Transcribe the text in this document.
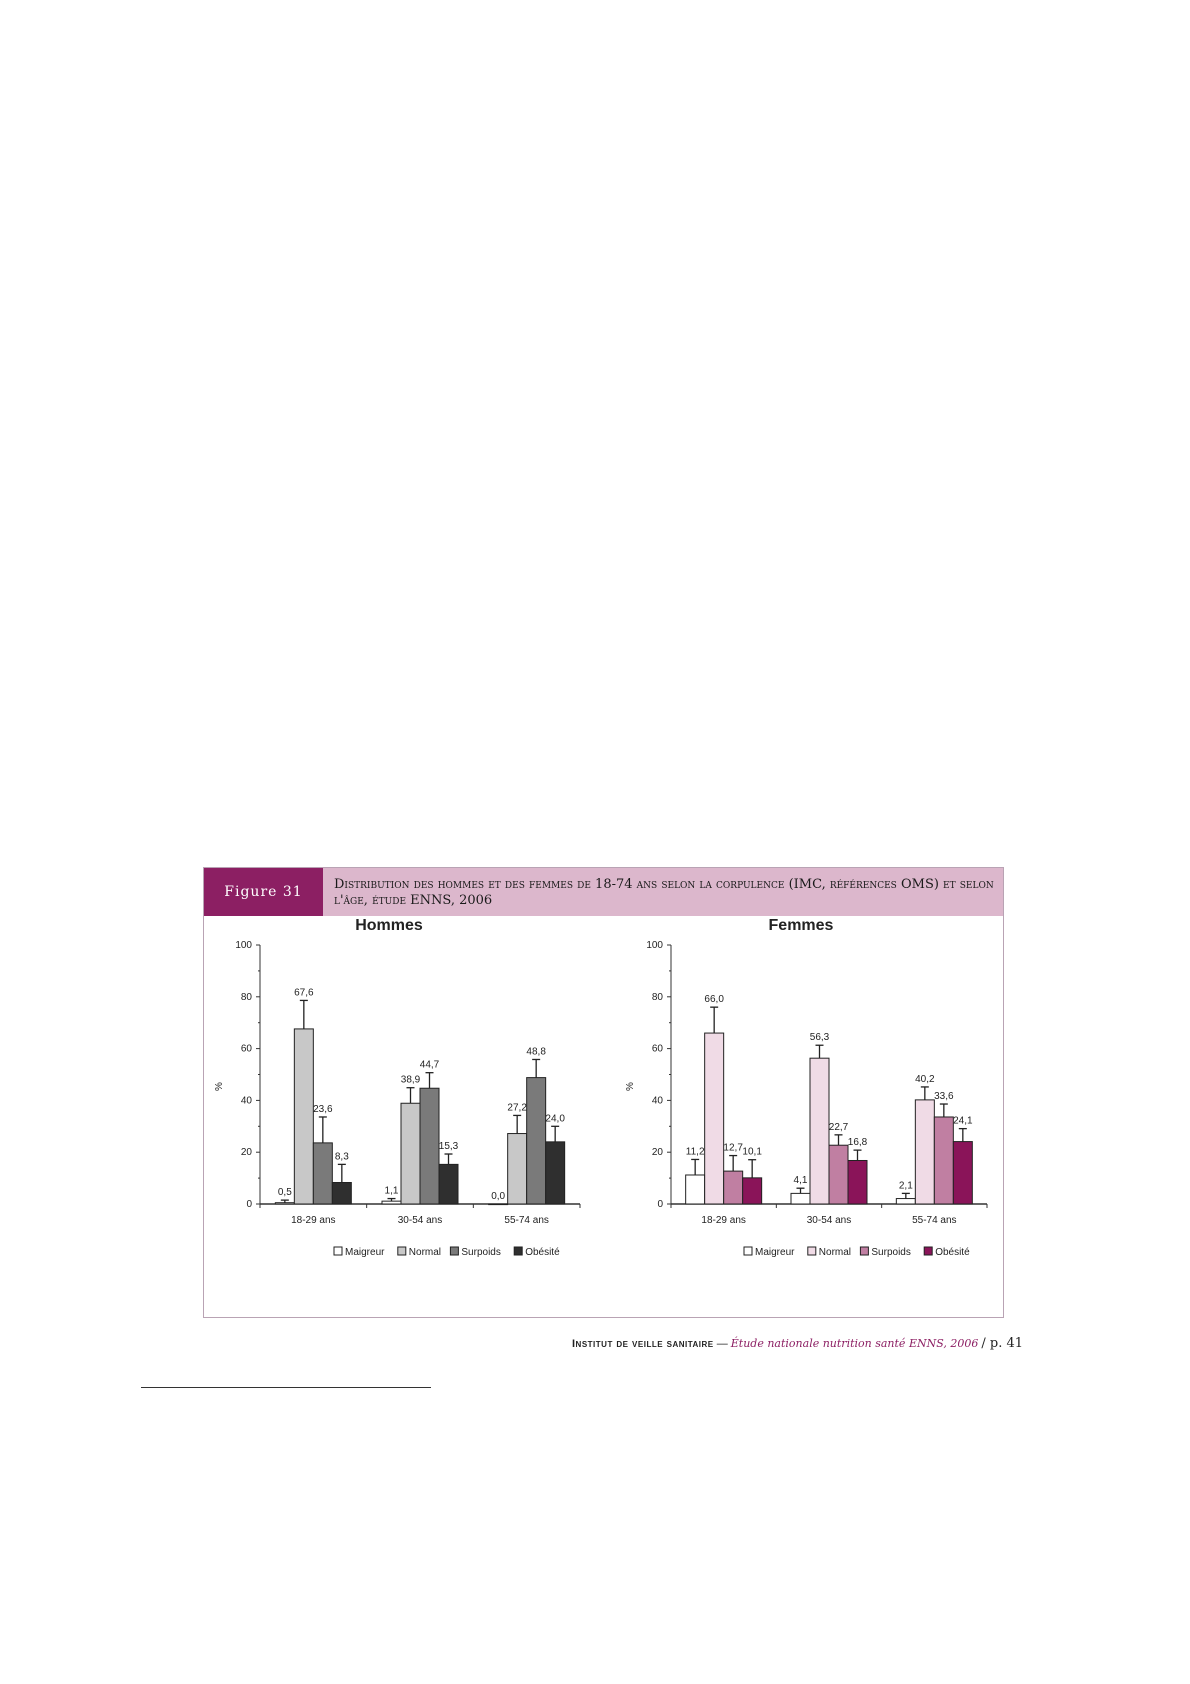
Figure 31	Distribution des hommes et des femmes de 18-74 ans selon la corpulence (IMC, références OMS) et selon l'âge, étude ENNS, 2006
Hommes
0
20
40
60
80
100
%
0,5
67,6
23,6
8,3
18-29 ans
1,1
38,9
44,7
15,3
30-54 ans
0,0
27,2
48,8
24,0
55-74 ans
Maigreur Normal Surpoids Obésité
Femmes
0
20
40
60
80
100
%
11,2
66,0
12,7 10,1
18-29 ans
4,1
56,3
22,7
16,8
30-54 ans
2,1
40,2
33,6
24,1
55-74 ans
Maigreur Normal Surpoids Obésité
Institut de veille sanitaire — Étude nationale nutrition santé ENNS, 2006 / p. 41
